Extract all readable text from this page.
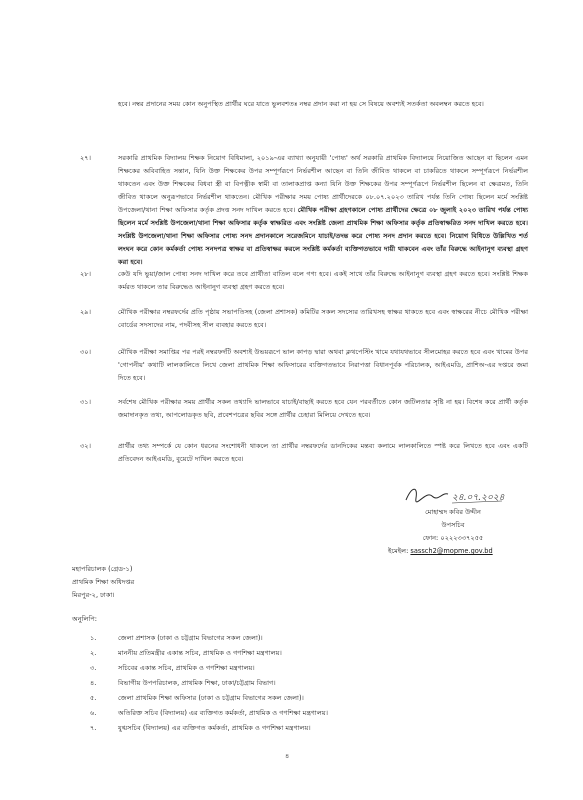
হবে। নম্বর প্রদানের সময় কোন অনুপস্থিত প্রার্থীর ঘরে যাতে ভুলবশতঃ নম্বর প্রদান করা না হয় সে বিষয়ে অবশ্যই সতর্কতা অবলম্বন করতে হবে।
২৭।	সরকারি প্রাথমিক বিদ্যালয় শিক্ষক নিয়োগ বিধিমালা, ২০১৯-এর ব্যাখ্যা অনুযায়ী 'পোষ্য' অর্থ সরকারি প্রাথমিক বিদ্যালয়ে নিয়োজিত আছেন বা ছিলেন এমন শিক্ষকের অবিবাহিত সন্তান, যিনি উক্ত শিক্ষকের উপর সম্পূর্ণরূপে নির্ভরশীল আছেন বা তিনি জীবিত থাকলে বা চাকরিতে থাকলে সম্পূর্ণরূপে নির্ভরশীল থাকতেন এবং উক্ত শিক্ষকের বিধবা স্ত্রী বা বিপত্নীক স্বামী বা তালাকপ্রাপ্ত কন্যা যিনি উক্ত শিক্ষকের উপর সম্পূর্ণরূপে নির্ভরশীল ছিলেন বা ক্ষেত্রমত, তিনি জীবিত থাকলে অনুরূপভাবে নির্ভরশীল থাকতেন। মৌখিক পরীক্ষার সময় পোষ্য প্রার্থীদেরকে ০৮.০৭.২০২৩ তারিখ পর্যন্ত তিনি পোষ্য ছিলেন মর্মে সংশ্লিষ্ট উপজেলা/থানা শিক্ষা অফিসার কর্তৃক প্রদত্ত সনদ দাখিল করতে হবে। মৌখিক পরীক্ষা গ্রহণকালে পোষ্য প্রার্থীদের ক্ষেত্রে ০৮ জুলাই ২০২৩ তারিখ পর্যন্ত পোষ্য ছিলেন মর্মে সংশ্লিষ্ট উপজেলা/থানা শিক্ষা অফিসার কর্তৃক স্বাক্ষরিত এবং সংশ্লিষ্ট জেলা প্রাথমিক শিক্ষা অফিসার কর্তৃক প্রতিস্বাক্ষরিত সনদ দাখিল করতে হবে। সংশ্লিষ্ট উপজেলা/থানা শিক্ষা অফিসার পোষ্য সনদ প্রদানকালে সরেজমিনে যাচাই/তদন্ত করে পোষ্য সনদ প্রদান করতে হবে। নিয়োগ বিধিতে উল্লিখিত শর্ত লংঘন করে কোন কর্মকর্তা পোষ্য সনদপত্র স্বাক্ষর বা প্রতিস্বাক্ষর করলে সংশ্লিষ্ট কর্মকর্তা ব্যক্তিগতভাবে দায়ী থাকবেন এবং তাঁর বিরুদ্ধে আইনানুগ ব্যবস্থা গ্রহণ করা হবে।
২৮।	কেউ যদি ভুয়া/জাল পোষ্য সনদ দাখিল করে তবে প্রার্থীতা বাতিল বলে গণ্য হবে। একই সাথে তাঁর বিরুদ্ধে আইনানুগ ব্যবস্থা গ্রহণ করতে হবে। সংশ্লিষ্ট শিক্ষক কর্মরত থাকলে তার বিরুদ্ধেও আইনানুগ ব্যবস্থা গ্রহণ করতে হবে।
২৯।	মৌখিক পরীক্ষার নম্বরফর্দের প্রতি পৃষ্ঠায় সভাপতিসহ (জেলা প্রশাসক) কমিটির সকল সদস্যের তারিখসহ স্বাক্ষর থাকতে হবে এবং স্বাক্ষরের নীচে মৌখিক পরীক্ষা বোর্ডের সদস্যদের নাম, পদবীসহ সীল ব্যবহার করতে হবে।
৩০।	মৌখিক পরীক্ষা সমাপ্তির পর পরই নম্বরফর্দটি অবশ্যই উভয়রূপে ভাল কাপড় দ্বারা অথবা ক্লথপেস্টিং খামে যথাযথভাবে সীলমোহর করতে হবে এবং খামের উপর 'গোপনীয়' কথাটি লালকালিতে লিখে জেলা প্রাথমিক শিক্ষা অফিসারের ব্যক্তিগতভাবে নিরাপত্তা বিধানপূর্বক পরিচালক, আইএমডি, প্রাশিঅ-এর দপ্তরে জমা দিতে হবে।
৩১।	সর্বশেষ মৌখিক পরীক্ষার সময় প্রার্থীর সকল তথ্যাদি ভালভাবে যাচাই/বাছাই করতে হবে যেন পরবর্তীতে কোন জটিলতার সৃষ্টি না হয়। বিশেষ করে প্রার্থী কর্তৃক জমাদানকৃত তথ্য, আপলোডকৃত ছবি, প্রবেশপত্রের ছবির সঙ্গে প্রার্থীর চেহারা মিলিয়ে দেখতে হবে।
৩২।	প্রার্থীর তথ্য সম্পর্কে যে কোন ধরনের সংশোধনী থাকলে তা প্রার্থীর নম্বরফর্দের ডানদিকের মন্তব্য কলামে লালকালিতে স্পষ্ট করে লিখতে হবে এবং একটি প্রতিবেদন আইএমডি, বুয়েটে দাখিল করতে হবে।
২৪.০৭.২০২৪
মোহাম্মদ কবির উদ্দীন
উপসচিব
ফোন: ০২২২৩৩৭২৫৫
ইমেইল: sassch2@mopme.gov.bd
মহাপরিচালক (গ্রেড-১)
প্রাথমিক শিক্ষা অধিদপ্তর
মিরপুর-২, ঢাকা।
অনুলিপি:
১.	জেলা প্রশাসক (ঢাকা ও চট্টগ্রাম বিভাগের সকল জেলা)।
২.	মাননীয় প্রতিমন্ত্রীর একান্ত সচিব, প্রাথমিক ও গণশিক্ষা মন্ত্রণালয়।
৩.	সচিবের একান্ত সচিব, প্রাথমিক ও গণশিক্ষা মন্ত্রণালয়।
৪.	বিভাগীয় উপপরিচালক, প্রাথমিক শিক্ষা, ঢাকা/চট্টগ্রাম বিভাগ।
৫.	জেলা প্রাথমিক শিক্ষা অফিসার (ঢাকা ও চট্টগ্রাম বিভাগের সকল জেলা)।
৬.	অতিরিক্ত সচিব (বিদ্যালয়) এর ব্যক্তিগত কর্মকর্তা, প্রাথমিক ও গণশিক্ষা মন্ত্রণালয়।
৭.	যুগ্মসচিব (বিদ্যালয়) এর ব্যক্তিগত কর্মকর্তা, প্রাথমিক ও গণশিক্ষা মন্ত্রণালয়।
৪
